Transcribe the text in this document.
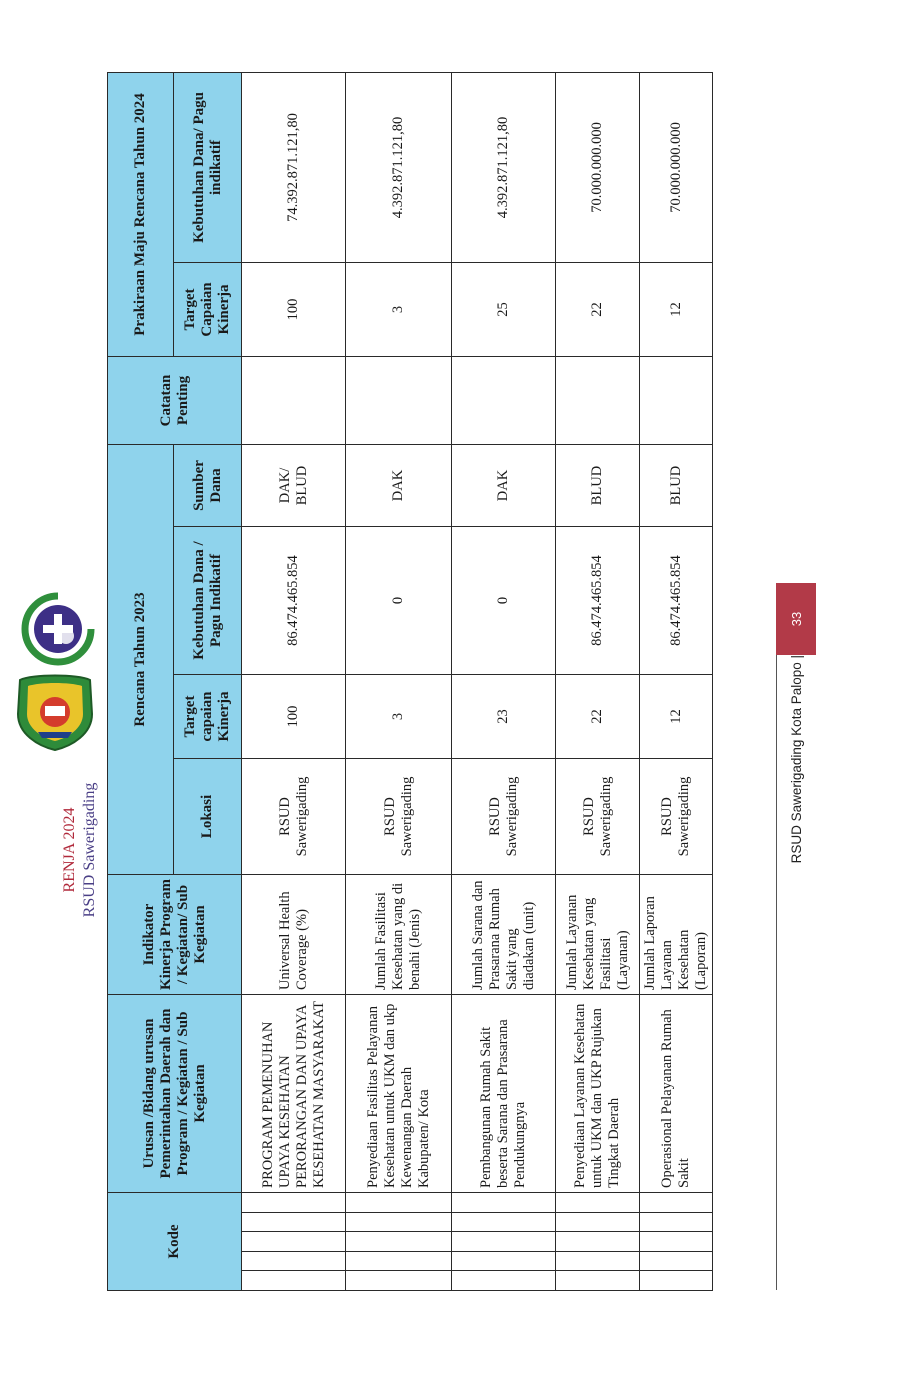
RENJA 2024 RSUD Sawerigading
Kode	Urusan /Bidang urusan Pemerintahan Daerah dan Program / Kegiatan / Sub Kegiatan	Indikator Kinerja Program / Kegiatan/ Sub Kegiatan	Rencana Tahun 2023				Catatan Penting	Prakiraan Maju Rencana Tahun 2024	
			Lokasi	Target capaian Kinerja	Kebutuhan Dana / Pagu Indikatif	Sumber Dana		Target Capaian Kinerja	Kebutuhan Dana/ Pagu indikatif

	PROGRAM PEMENUHAN UPAYA KESEHATAN PERORANGAN DAN UPAYA KESEHATAN MASYARAKAT	Universal Health Coverage (%)	RSUD Sawerigading	100	86.474.465.854	DAK/ BLUD		100	74.392.871.121,80

	Penyediaan Fasilitas Pelayanan Kesehatan untuk UKM dan ukp Kewenangan Daerah Kabupaten/ Kota	Jumlah Fasilitasi Kesehatan yang di benahi (Jenis)	RSUD Sawerigading	3	0	DAK		3	4.392.871.121,80

	Pembangunan Rumah Sakit beserta Sarana dan Prasarana Pendukungnya	Jumlah Sarana dan Prasarana Rumah Sakit yang diadakan (unit)	RSUD Sawerigading	23	0	DAK		25	4.392.871.121,80

	Penyediaan Layanan Kesehatan untuk UKM dan UKP Rujukan Tingkat Daerah	Jumlah Layanan Kesehatan yang Fasilitasi (Layanan)	RSUD Sawerigading	22	86.474.465.854	BLUD		22	70.000.000.000

	Operasional Pelayanan Rumah Sakit	Jumlah Laporan Layanan Kesehatan (Laporan)	RSUD Sawerigading	12	86.474.465.854	BLUD		12	70.000.000.000
33
RSUD Sawerigading Kota Palopo |
